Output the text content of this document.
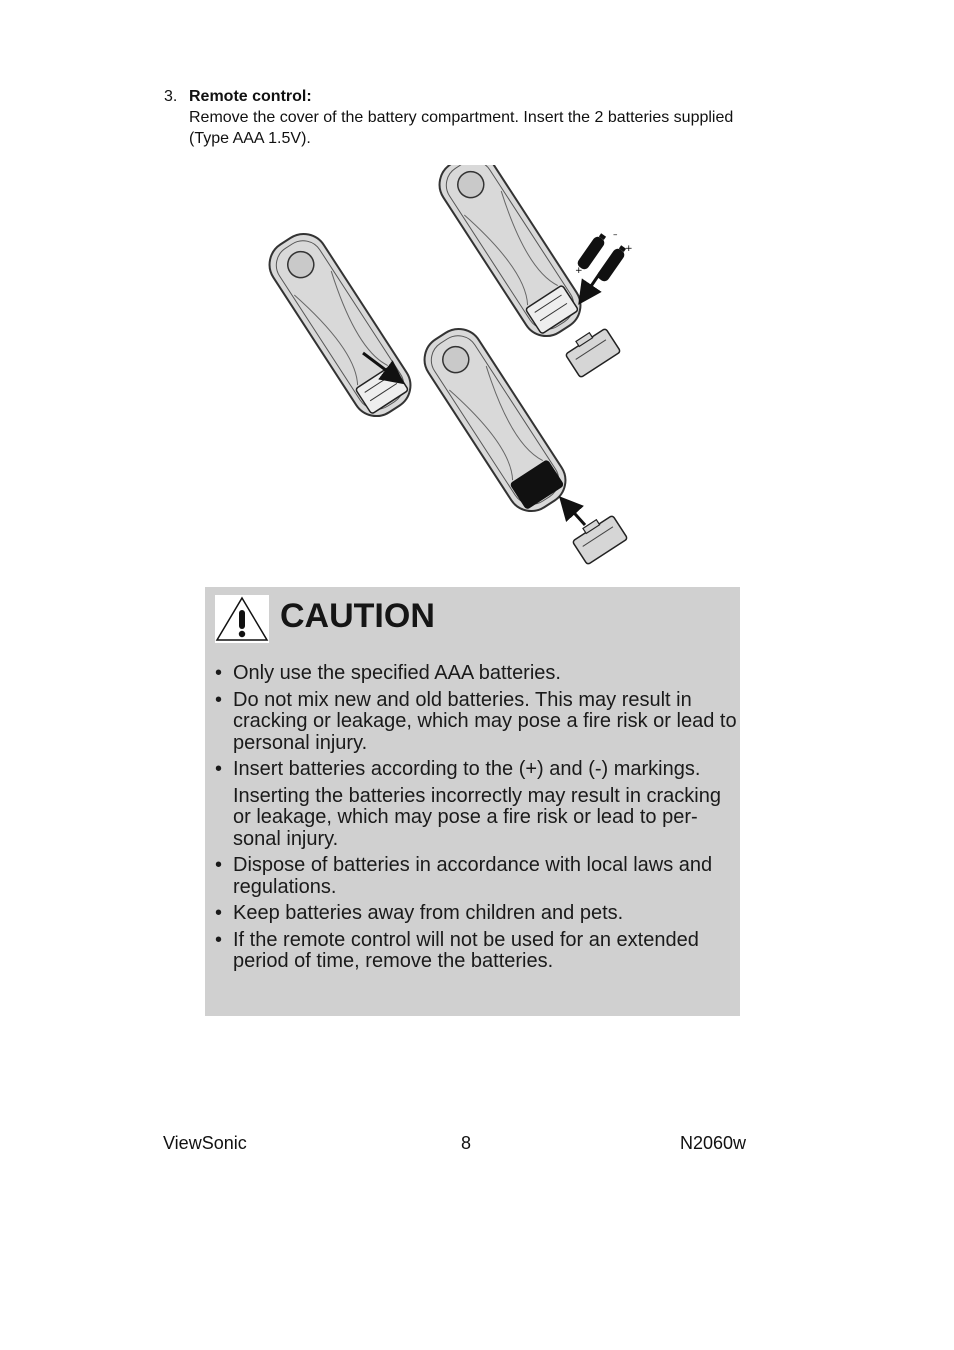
3. Remote control:
Remove the cover of the battery compartment. Insert the 2 batteries supplied (Type AAA 1.5V).
+
–
+
CAUTION
• Only use the specified AAA batteries.
• Do not mix new and old batteries. This may result in cracking or leakage, which may pose a fire risk or lead to personal injury.
• Insert batteries according to the (+) and (-) markings.
Inserting the batteries incorrectly may result in cracking or leakage, which may pose a fire risk or lead to per-sonal injury.
• Dispose of batteries in accordance with local laws and regulations.
• Keep batteries away from children and pets.
• If the remote control will not be used for an extended period of time, remove the batteries.
ViewSonic	8	N2060w
